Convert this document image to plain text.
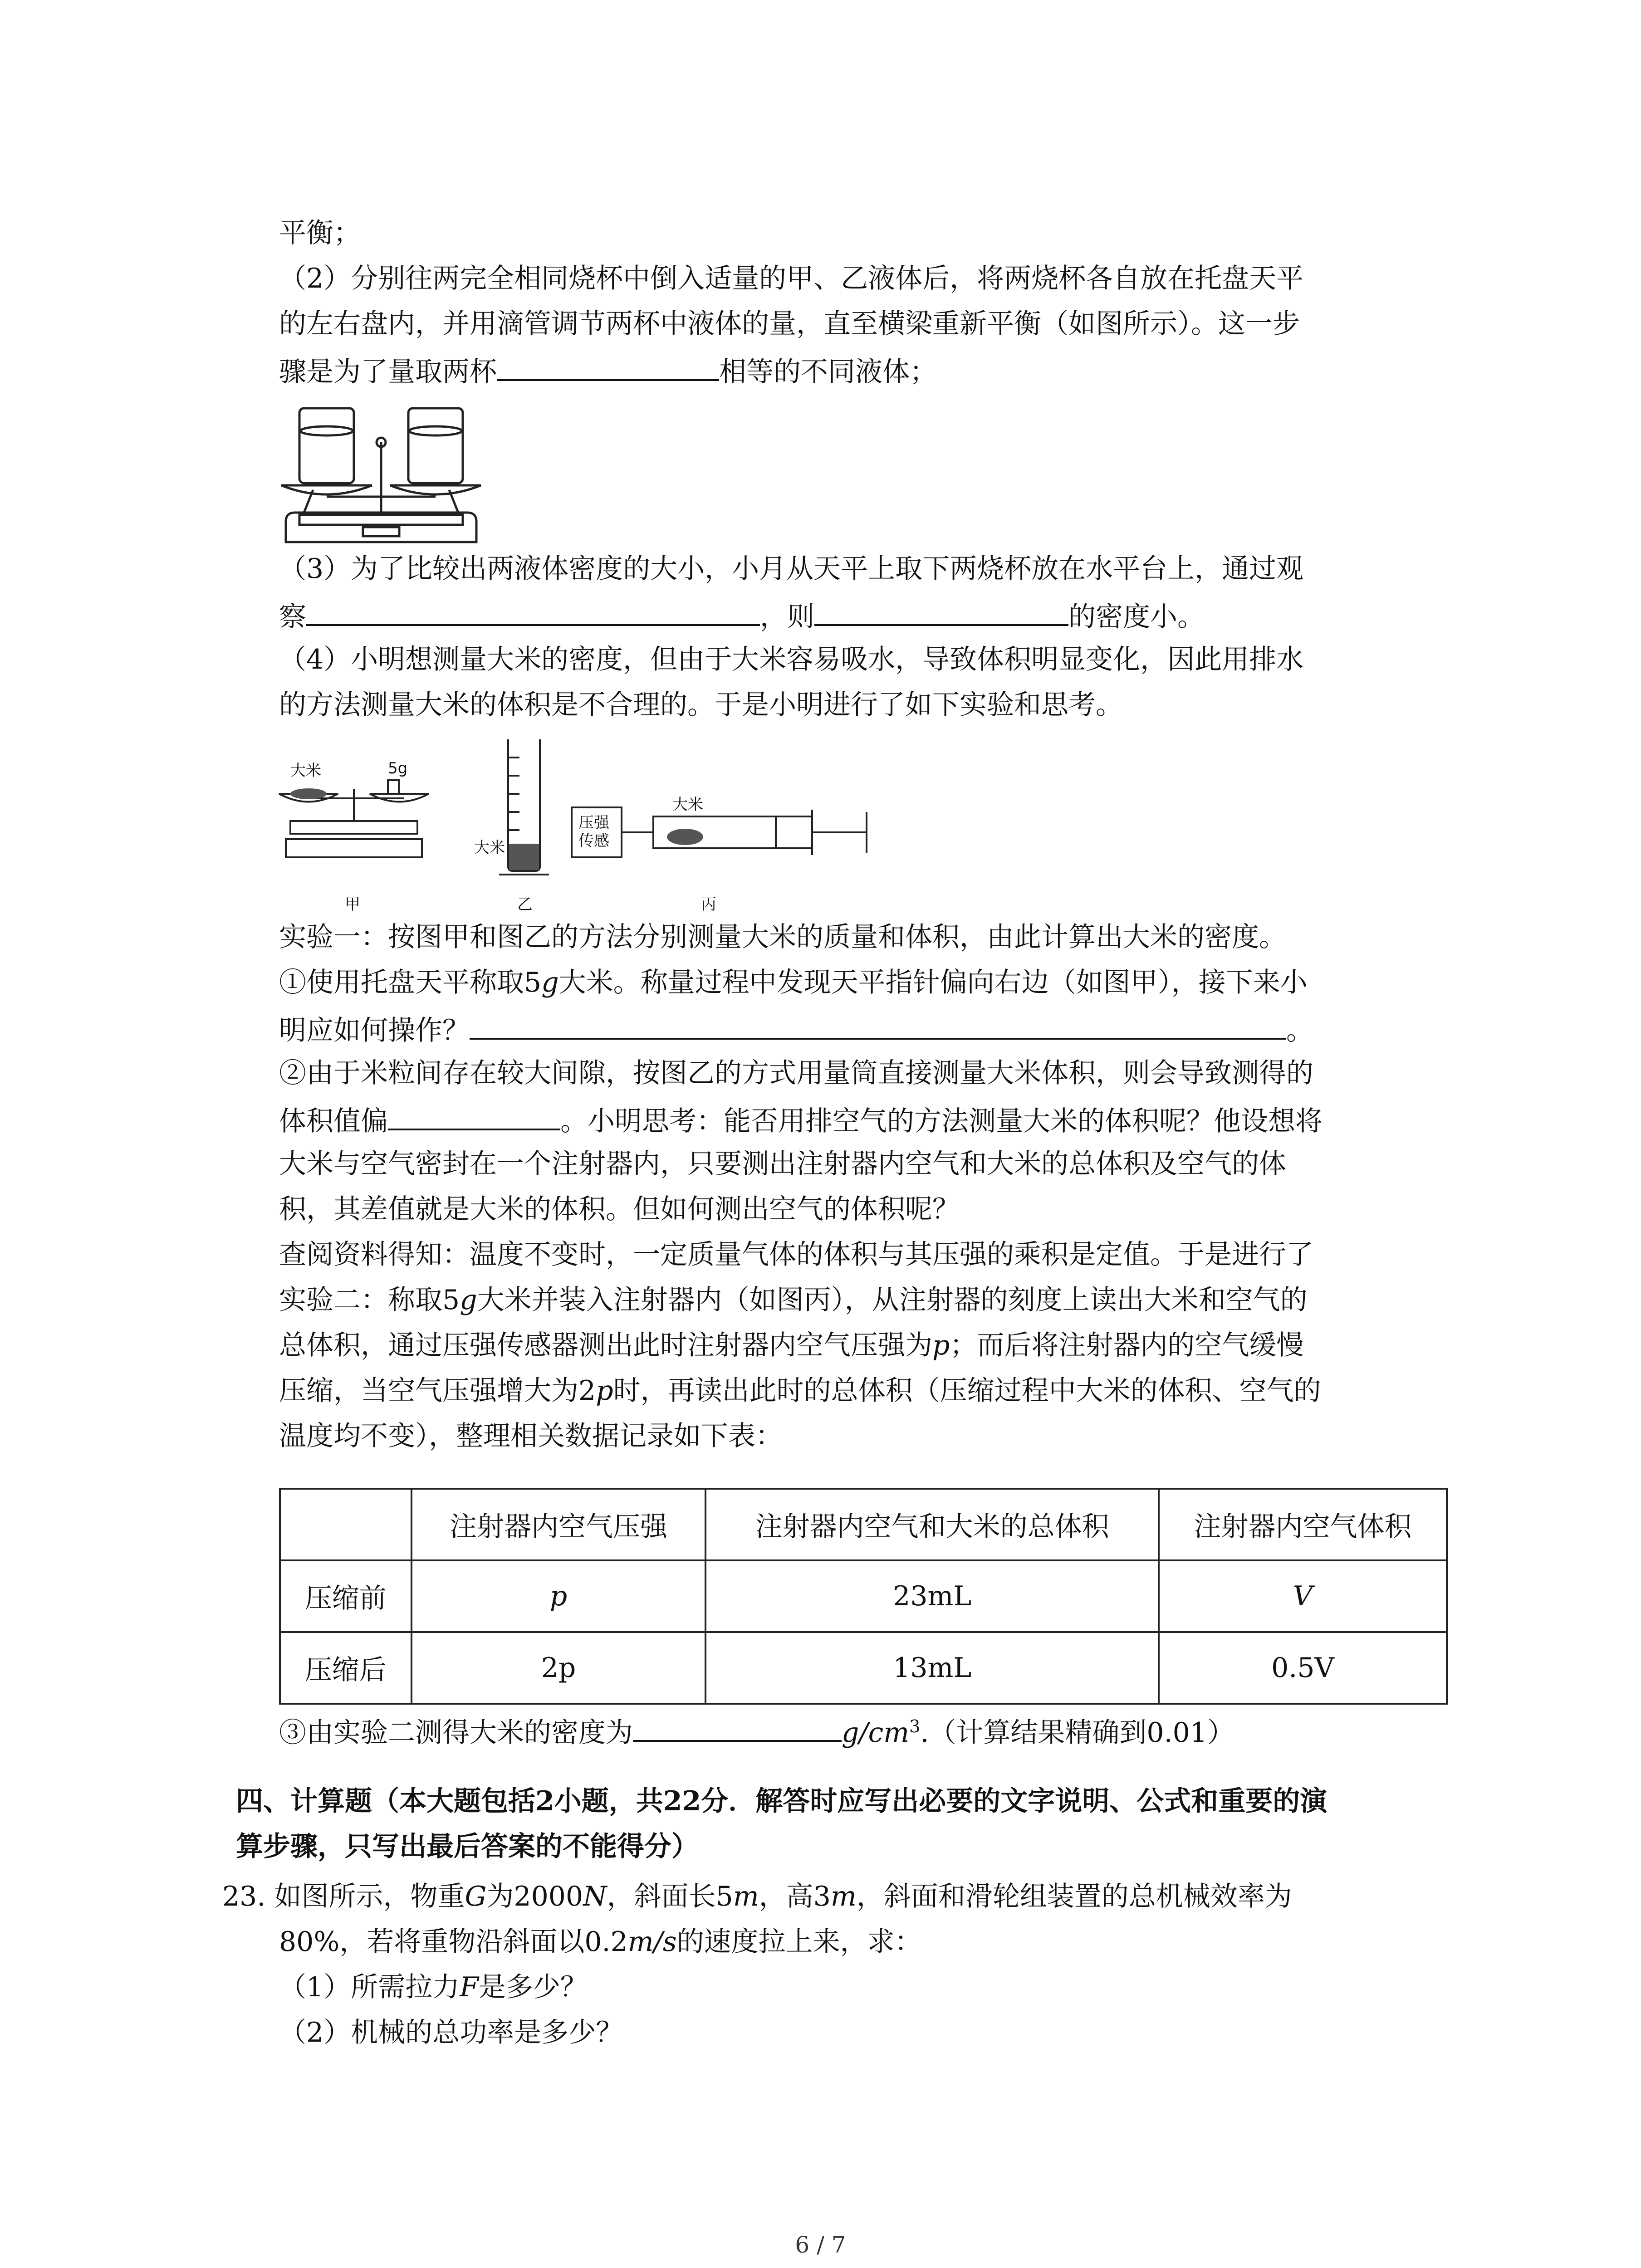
平衡；
（2）分别往两完全相同烧杯中倒入适量的甲、乙液体后，将两烧杯各自放在托盘天平
的左右盘内，并用滴管调节两杯中液体的量，直至横梁重新平衡（如图所示）。这一步
骤是为了量取两杯	相等的不同液体；
（3）为了比较出两液体密度的大小，小月从天平上取下两烧杯放在水平台上，通过观
察	，则	的密度小。
（4）小明想测量大米的密度，但由于大米容易吸水，导致体积明显变化，因此用排水
的方法测量大米的体积是不合理的。于是小明进行了如下实验和思考。
大米	5g
大米
大米
压强
传感
甲	乙	丙
实验一：按图甲和图乙的方法分别测量大米的质量和体积，由此计算出大米的密度。
①使用托盘天平称取5g大米。称量过程中发现天平指针偏向右边（如图甲），接下来小
明应如何操作？	。
②由于米粒间存在较大间隙，按图乙的方式用量筒直接测量大米体积，则会导致测得的
体积值偏	。小明思考：能否用排空气的方法测量大米的体积呢？他设想将
大米与空气密封在一个注射器内，只要测出注射器内空气和大米的总体积及空气的体
积，其差值就是大米的体积。但如何测出空气的体积呢？
查阅资料得知：温度不变时，一定质量气体的体积与其压强的乘积是定值。于是进行了
实验二：称取5g大米并装入注射器内（如图丙），从注射器的刻度上读出大米和空气的
总体积，通过压强传感器测出此时注射器内空气压强为p；而后将注射器内的空气缓慢
压缩，当空气压强增大为2p时，再读出此时的总体积（压缩过程中大米的体积、空气的
温度均不变），整理相关数据记录如下表：
	注射器内空气压强	注射器内空气和大米的总体积	注射器内空气体积
压缩前	p	23mL	V
压缩后	2p	13mL	0.5V
③由实验二测得大米的密度为	$g/cm^3$.（计算结果精确到0.01）
四、计算题（本大题包括2小题，共22分．解答时应写出必要的文字说明、公式和重要的演
算步骤，只写出最后答案的不能得分）
23. 如图所示，物重G为2000N，斜面长5m，高3m，斜面和滑轮组装置的总机械效率为
80%，若将重物沿斜面以0.2m/s的速度拉上来，求：
（1）所需拉力F是多少？
（2）机械的总功率是多少？
6 / 7
